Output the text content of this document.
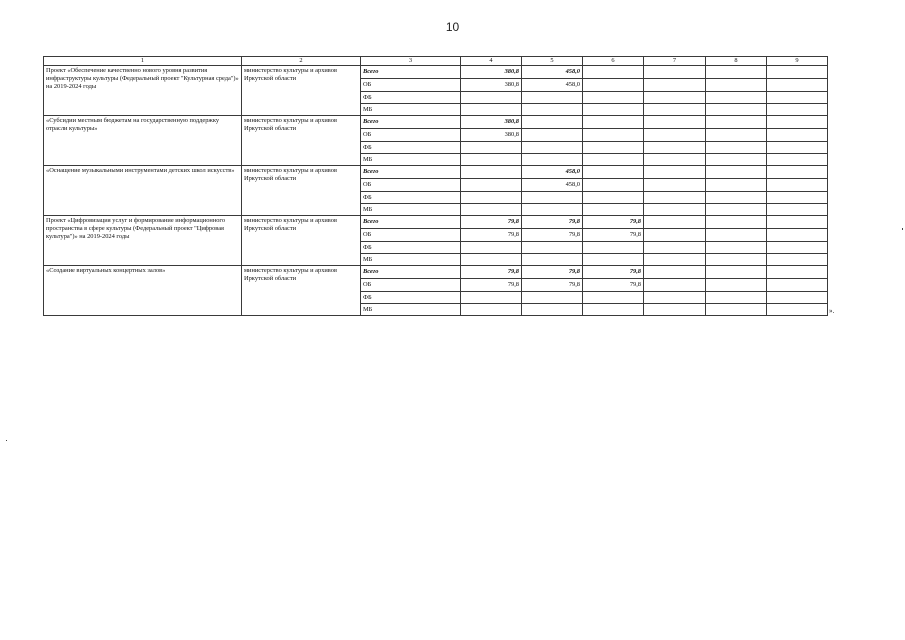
10
1	2	3	4	5	6	7	8	9
Проект «Обеспечение качественно нового уровня развития инфраструктуры культуры (Федеральный проект "Культурная среда")» на 2019-2024 годы	министерство культуры и архивов Иркутской области	Всего	380,8	458,0				
		ОБ	380,8	458,0				
		ФБ						
		МБ						
«Субсидии местным бюджетам на государственную поддержку отрасли культуры»	министерство культуры и архивов Иркутской области	Всего	380,8					
		ОБ	380,8					
		ФБ						
		МБ						
«Оснащение музыкальными инструментами детских школ искусств»	министерство культуры и архивов Иркутской области	Всего		458,0				
		ОБ		458,0				
		ФБ						
		МБ						
Проект «Цифровизация услуг и формирование информационного пространства в сфере культуры (Федеральный проект "Цифровая культура")» на 2019-2024 годы	министерство культуры и архивов Иркутской области	Всего	79,8	79,8	79,8			
		ОБ	79,8	79,8	79,8			
		ФБ						
		МБ						
«Создание виртуальных концертных залов»	министерство культуры и архивов Иркутской области	Всего	79,8	79,8	79,8			
		ОБ	79,8	79,8	79,8			
		ФБ						
		МБ							».
